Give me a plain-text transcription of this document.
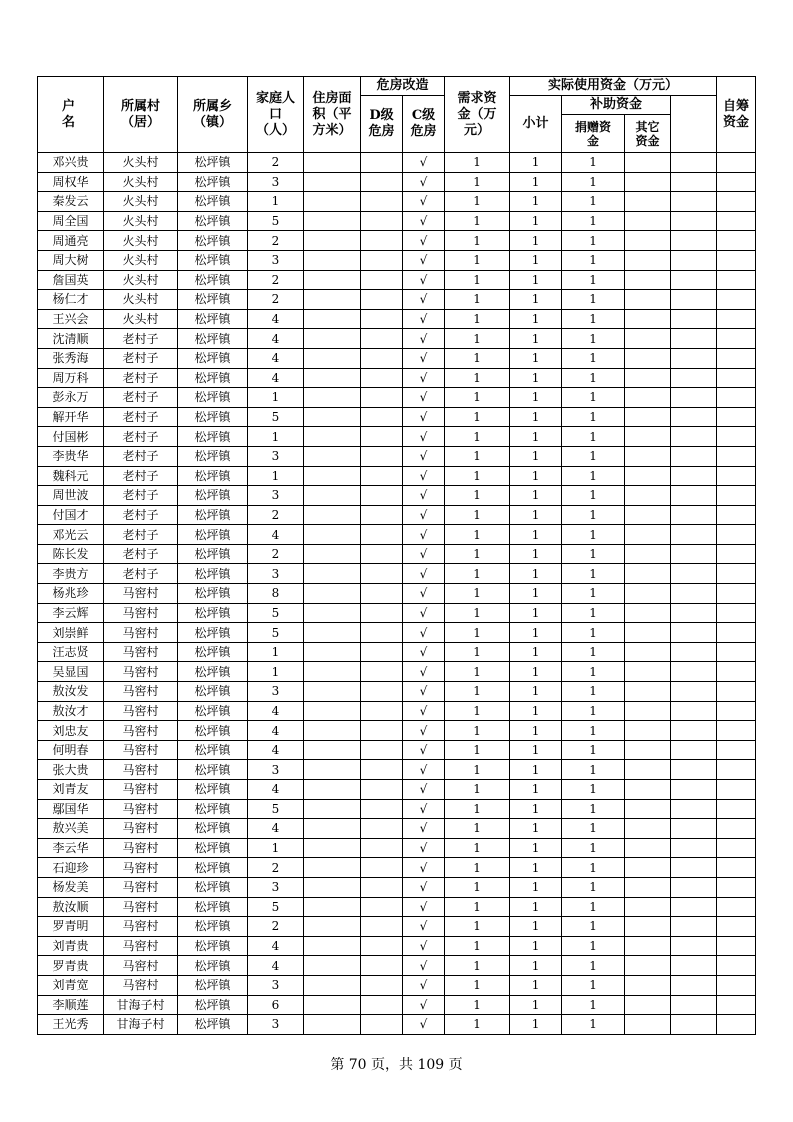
户 名	所属村（居）	所属乡（镇）	家庭人口（人）	住房面积（平方米）	危房改造		需求资金（万元）	实际使用资金（万元）				自筹资金	
					D级危房	C级危房		小计	补助资金				
									捐赠资金	其它资金			
邓兴贵	火头村	松坪镇	2			√	1	1	1				
周权华	火头村	松坪镇	3			√	1	1	1				
秦发云	火头村	松坪镇	1			√	1	1	1				
周全国	火头村	松坪镇	5			√	1	1	1				
周通亮	火头村	松坪镇	2			√	1	1	1				
周大树	火头村	松坪镇	3			√	1	1	1				
詹国英	火头村	松坪镇	2			√	1	1	1				
杨仁才	火头村	松坪镇	2			√	1	1	1				
王兴会	火头村	松坪镇	4			√	1	1	1				
沈清顺	老村子	松坪镇	4			√	1	1	1				
张秀海	老村子	松坪镇	4			√	1	1	1				
周万科	老村子	松坪镇	4			√	1	1	1				
彭永万	老村子	松坪镇	1			√	1	1	1				
解开华	老村子	松坪镇	5			√	1	1	1				
付国彬	老村子	松坪镇	1			√	1	1	1				
李贵华	老村子	松坪镇	3			√	1	1	1				
魏科元	老村子	松坪镇	1			√	1	1	1				
周世波	老村子	松坪镇	3			√	1	1	1				
付国才	老村子	松坪镇	2			√	1	1	1				
邓光云	老村子	松坪镇	4			√	1	1	1				
陈长发	老村子	松坪镇	2			√	1	1	1				
李贵方	老村子	松坪镇	3			√	1	1	1				
杨兆珍	马窖村	松坪镇	8			√	1	1	1				
李云辉	马窖村	松坪镇	5			√	1	1	1				
刘崇鲜	马窖村	松坪镇	5			√	1	1	1				
汪志贤	马窖村	松坪镇	1			√	1	1	1				
吴显国	马窖村	松坪镇	1			√	1	1	1				
敖汝发	马窖村	松坪镇	3			√	1	1	1				
敖汝才	马窖村	松坪镇	4			√	1	1	1				
刘忠友	马窖村	松坪镇	4			√	1	1	1				
何明春	马窖村	松坪镇	4			√	1	1	1				
张大贵	马窖村	松坪镇	3			√	1	1	1				
刘青友	马窖村	松坪镇	4			√	1	1	1				
鄢国华	马窖村	松坪镇	5			√	1	1	1				
敖兴美	马窖村	松坪镇	4			√	1	1	1				
李云华	马窖村	松坪镇	1			√	1	1	1				
石迎珍	马窖村	松坪镇	2			√	1	1	1				
杨发美	马窖村	松坪镇	3			√	1	1	1				
敖汝顺	马窖村	松坪镇	5			√	1	1	1				
罗青明	马窖村	松坪镇	2			√	1	1	1				
刘青贵	马窖村	松坪镇	4			√	1	1	1				
罗青贵	马窖村	松坪镇	4			√	1	1	1				
刘青宽	马窖村	松坪镇	3			√	1	1	1				
李顺莲	甘海子村	松坪镇	6			√	1	1	1				
王光秀	甘海子村	松坪镇	3			√	1	1	1				
第 70 页，共 109 页
